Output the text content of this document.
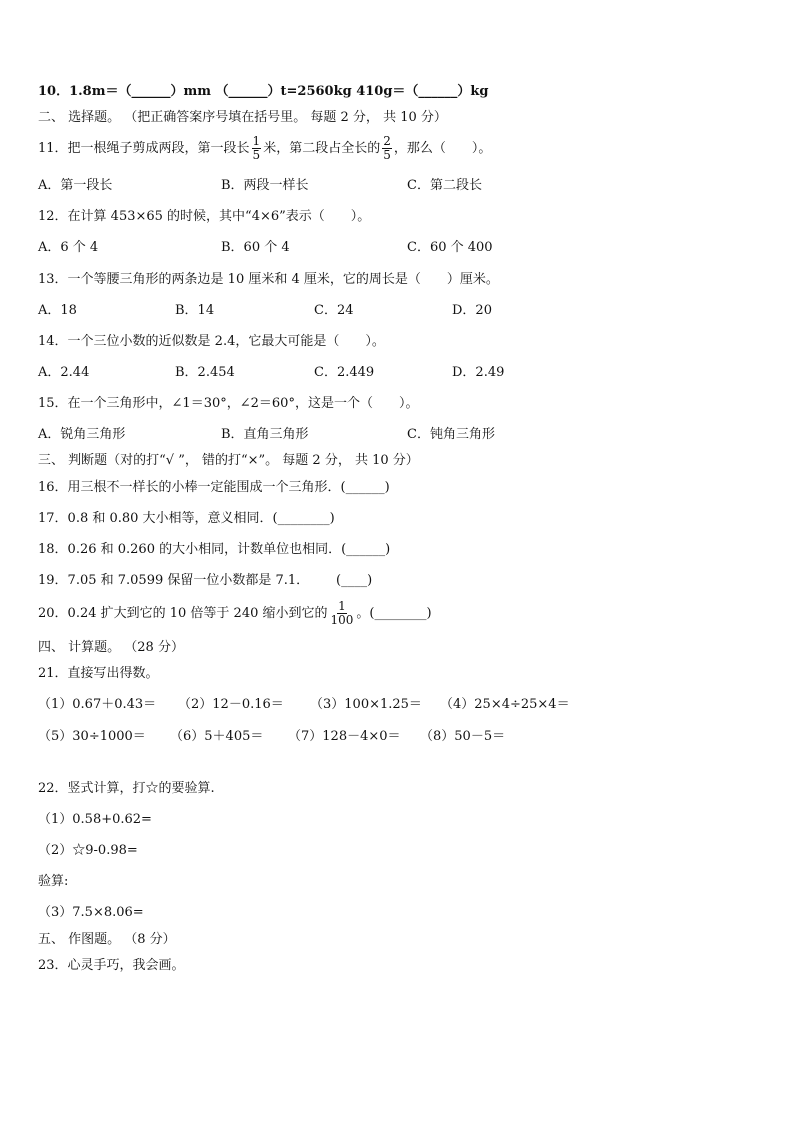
10．1.8m＝（______）mm （______）t=2560kg 410g＝（______）kg
二、 选择题。 （把正确答案序号填在括号里。 每题 2 分， 共 10 分）
11．把一根绳子剪成两段，第一段长 $\frac{1}{5}$ 米，第二段占全长的 $\frac{2}{5}$ ，那么（　　）。
A．第一段长	B．两段一样长	C．第二段长
12．在计算 453×65 的时候，其中“4×6”表示（　　）。
A．6 个 4	B．60 个 4	C．60 个 400
13．一个等腰三角形的两条边是 10 厘米和 4 厘米，它的周长是（　　）厘米。
A．18	B．14	C．24	D．20
14．一个三位小数的近似数是 2.4，它最大可能是（　　）。
A．2.44	B．2.454	C．2.449	D．2.49
15．在一个三角形中，∠1＝30°，∠2＝60°，这是一个（　　）。
A．锐角三角形	B．直角三角形	C．钝角三角形
三、 判断题（对的打“√ ”， 错的打“×”。 每题 2 分， 共 10 分）
16．用三根不一样长的小棒一定能围成一个三角形．(______)
17．0.8 和 0.80 大小相等，意义相同．(________)
18．0.26 和 0.260 的大小相同，计数单位也相同．(______)
19．7.05 和 7.0599 保留一位小数都是 7.1． (____)
20．0.24 扩大到它的 10 倍等于 240 缩小到它的 $\frac{1}{100}$ 。(________)
四、 计算题。 （28 分）
21．直接写出得数。
（1）0.67＋0.43＝ （2）12－0.16＝ （3）100×1.25＝ （4）25×4÷25×4＝
（5）30÷1000＝ （6）5＋405＝ （7）128－4×0＝ （8）50－5＝
22．竖式计算，打☆的要验算.
（1）0.58+0.62=
（2）☆9-0.98=
验算:
（3）7.5×8.06=
五、 作图题。 （8 分）
23．心灵手巧，我会画。
